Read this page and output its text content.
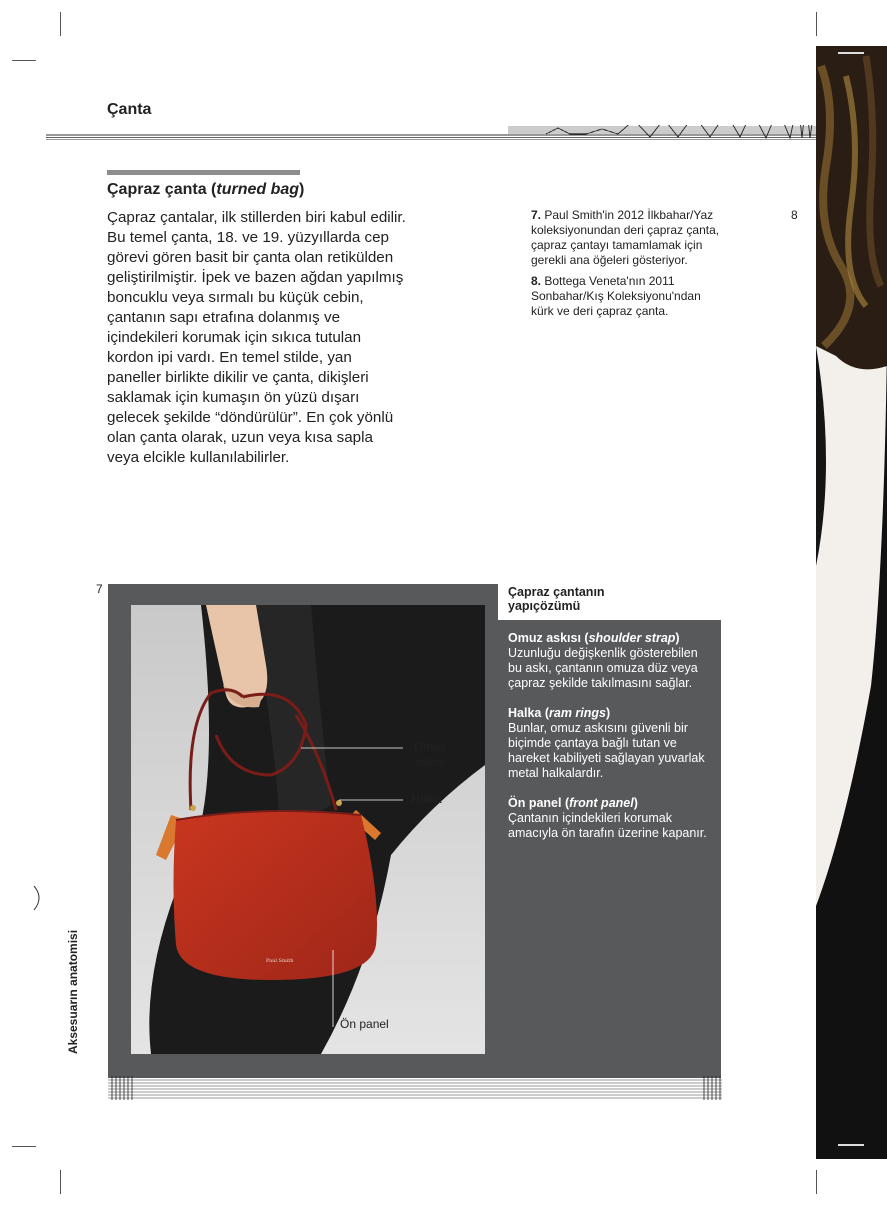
Çanta
Çapraz çanta (turned bag)
Çapraz çantalar, ilk stillerden biri kabul edilir. Bu temel çanta, 18. ve 19. yüzyıllarda cep görevi gören basit bir çanta olan retikülden geliştirilmiştir. İpek ve bazen ağdan yapılmış boncuklu veya sırmalı bu küçük cebin, çantanın sapı etrafına dolanmış ve içindekileri korumak için sıkıca tutulan kordon ipi vardı. En temel stilde, yan paneller birlikte dikilir ve çanta, dikişleri saklamak için kumaşın ön yüzü dışarı gelecek şekilde “döndürülür”. En çok yönlü olan çanta olarak, uzun veya kısa sapla veya elcikle kullanılabilirler.

7. Paul Smith'in 2012 İlkbahar/Yaz koleksiyonundan deri çapraz çanta, çapraz çantayı tamamlamak için gerekli ana öğeleri gösteriyor.

8. Bottega Veneta'nın 2011 Sonbahar/Kış Koleksiyonu'ndan kürk ve deri çapraz çanta.

8
7
Aksesuarın anatomisi
Çapraz çantanın yapıçözümü
Paul Smith
Omuz askısı
Halka
Ön panel

Omuz askısı (shoulder strap)
Uzunluğu değişkenlik gösterebilen bu askı, çantanın omuza düz veya çapraz şekilde takılmasını sağlar.

Halka (ram rings)
Bunlar, omuz askısını güvenli bir biçimde çantaya bağlı tutan ve hareket kabiliyeti sağlayan yuvarlak metal halkalardır.

Ön panel (front panel)
Çantanın içindekileri korumak amacıyla ön tarafın üzerine kapanır.
